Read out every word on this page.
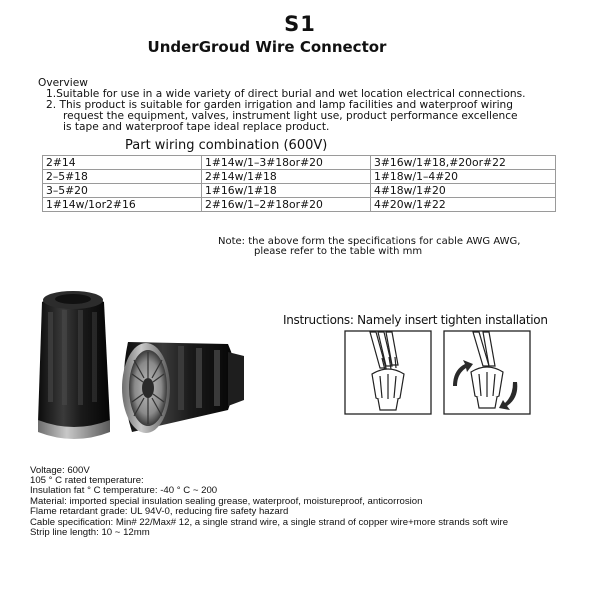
S1
UnderGroud Wire Connector
Overview
1.Suitable for use in a wide variety of direct burial and wet location electrical connections.
2. This product is suitable for garden irrigation and lamp facilities and waterproof wiring
request the equipment, valves, instrument light use, product performance excellence
is tape and waterproof tape ideal replace product.
Part wiring combination (600V)
2#14	1#14w/1–3#18or#20	3#16w/1#18,#20or#22
2–5#18	2#14w/1#18	1#18w/1–4#20
3–5#20	1#16w/1#18	4#18w/1#20
1#14w/1or2#16	2#16w/1–2#18or#20	4#20w/1#22
Note: the above form the specifications for cable AWG AWG,
please refer to the table with mm
Instructions: Namely insert tighten installation
Voltage: 600V
105 ° C rated temperature:
Insulation fat ° C temperature: -40 ° C ~ 200
Material: imported special insulation sealing grease, waterproof, moistureproof, anticorrosion
Flame retardant grade: UL 94V-0, reducing fire safety hazard
Cable specification: Min# 22/Max# 12, a single strand wire, a single strand of copper wire+more strands soft wire
Strip line length: 10 ~ 12mm
